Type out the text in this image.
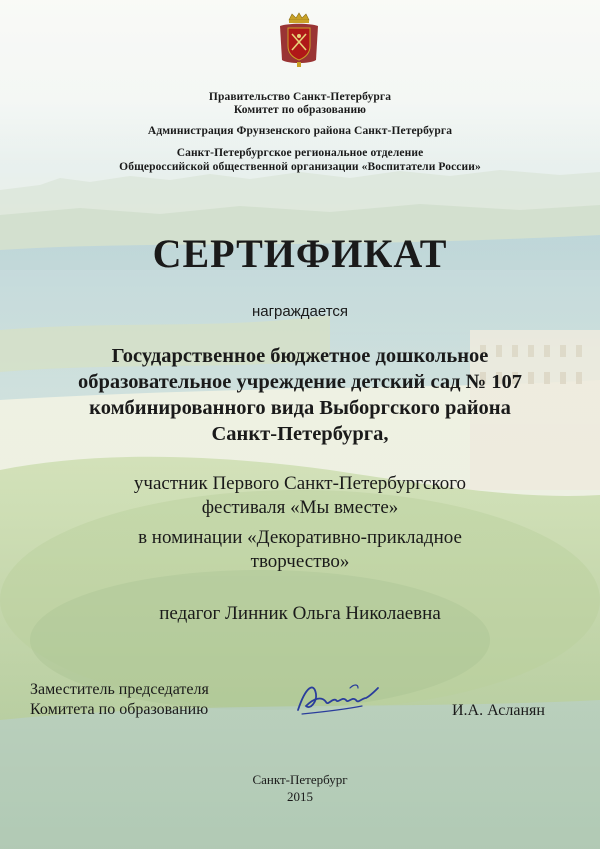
Правительство Санкт-Петербурга
Комитет по образованию
Администрация Фрунзенского района Санкт-Петербурга
Санкт-Петербургское региональное отделение
Общероссийской общественной организации «Воспитатели России»
СЕРТИФИКАТ
награждается
Государственное бюджетное дошкольное
образовательное учреждение детский сад № 107
комбинированного вида Выборгского района
Санкт-Петербурга,
участник Первого Санкт-Петербургского
фестиваля «Мы вместе»
в номинации «Декоративно-прикладное
творчество»
педагог Линник Ольга Николаевна
Заместитель председателя
Комитета по образованию	И.А. Асланян
Санкт-Петербург
2015
